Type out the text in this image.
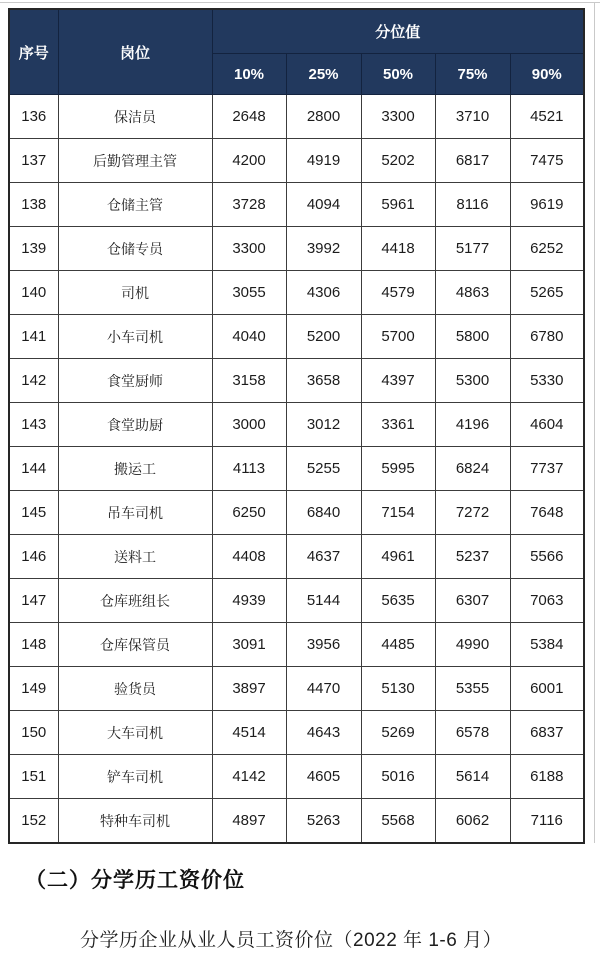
序号	岗位	分位值				
		10%	25%	50%	75%	90%
136	保洁员	2648	2800	3300	3710	4521
137	后勤管理主管	4200	4919	5202	6817	7475
138	仓储主管	3728	4094	5961	8116	9619
139	仓储专员	3300	3992	4418	5177	6252
140	司机	3055	4306	4579	4863	5265
141	小车司机	4040	5200	5700	5800	6780
142	食堂厨师	3158	3658	4397	5300	5330
143	食堂助厨	3000	3012	3361	4196	4604
144	搬运工	4113	5255	5995	6824	7737
145	吊车司机	6250	6840	7154	7272	7648
146	送料工	4408	4637	4961	5237	5566
147	仓库班组长	4939	5144	5635	6307	7063
148	仓库保管员	3091	3956	4485	4990	5384
149	验货员	3897	4470	5130	5355	6001
150	大车司机	4514	4643	5269	6578	6837
151	铲车司机	4142	4605	5016	5614	6188
152	特种车司机	4897	5263	5568	6062	7116
（二）分学历工资价位
分学历企业从业人员工资价位（2022 年 1-6 月）
